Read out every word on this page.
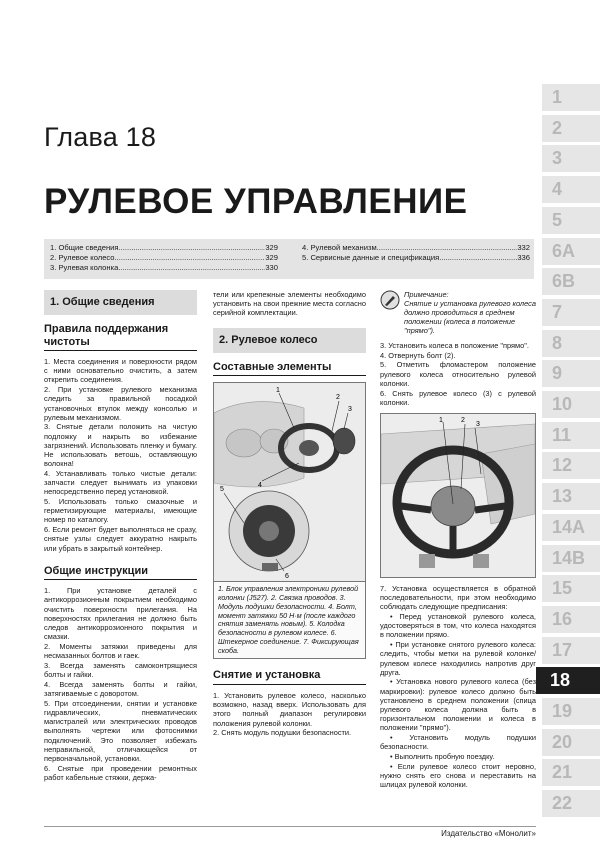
Глава 18
РУЛЕВОЕ УПРАВЛЕНИЕ
1. Общие сведения .....	329
2. Рулевое колесо .....	329
3. Рулевая колонка .....	330
4. Рулевой механизм .....	332
5. Сервисные данные и спецификация .....	336
1. Общие сведения
Правила поддержания чистоты
1. Места соединения и поверхности рядом с ними основательно очистить, а затем открепить соединения.
2. При установке рулевого механизма следить за правильной посадкой установочных втулок между консолью и рулевым механизмом.
3. Снятые детали положить на чистую подложку и накрыть во избежание загрязнений. Использовать пленку и бумагу. Не использовать ветошь, оставляющую волокна!
4. Устанавливать только чистые детали: запчасти следует вынимать из упаковки непосредственно перед установкой.
5. Использовать только смазочные и герметизирующие материалы, имеющие номер по каталогу.
6. Если ремонт будет выполняться не сразу, снятые узлы следует аккуратно накрыть или убрать в закрытый контейнер.
Общие инструкции
1. При установке деталей с антикоррозионным покрытием необходимо очистить поверхности прилегания. На поверхностях прилегания не должно быть следов антикоррозионного покрытия и смазки.
2. Моменты затяжки приведены для несмазанных болтов и гаек.
3. Всегда заменять самоконтрящиеся болты и гайки.
4. Всегда заменять болты и гайки, затягиваемые с доворотом.
5. При отсоединении, снятии и установке гидравлических, пневматических магистралей или электрических проводов выполнять чертежи или фотоснимки подключений. Это позволяет избежать неправильной, отличающейся от первоначальной, установки.
6. Снятые при проведении ремонтных работ кабельные стяжки, держа-
тели или крепежные элементы необходимо установить на свои прежние места согласно серийной комплектации.
2. Рулевое колесо
Составные элементы
1
2
3
4
5
6
1. Блок управления электроники рулевой колонки (J527). 2. Связка проводов. 3. Модуль подушки безопасности. 4. Болт, момент затяжки 50 Н·м (после каждого снятия заменять новым). 5. Колодка безопасности в рулевом колесе. 6. Штекерное соединение. 7. Фиксирующая скоба.
Снятие и установка
1. Установить рулевое колесо, насколько возможно, назад вверх. Использовать для этого полный диапазон регулировки положения рулевой колонки.
2. Снять модуль подушки безопасности.
Примечание:
Снятие и установка рулевого колеса должно проводиться в среднем положении (колеса в положение "прямо").
3. Установить колеса в положение "прямо".
4. Отвернуть болт (2).
5. Отметить фломастером положение рулевого колеса относительно рулевой колонки.
6. Снять рулевое колесо (3) с рулевой колонки.
1	2
3
7. Установка осуществляется в обратной последовательности, при этом необходимо соблюдать следующие предписания:
• Перед установкой рулевого колеса, удостоверяться в том, что колеса находятся в положении прямо.
• При установке снятого рулевого колеса: следить, чтобы метки на рулевой колонке/рулевом колесе находились напротив друг друга.
• Установка нового рулевого колеса (без маркировки): рулевое колесо должно быть установлено в среднем положении (спица рулевого колеса должна быть в горизонтальном положении и колеса в положении "прямо").
• Установить модуль подушки безопасности.
• Выполнить пробную поездку.
• Если рулевое колесо стоит неровно, нужно снять его снова и переставить на шлицах рулевой колонки.
1
2
3
4
5
6A
6B
7
8
9
10
11
12
13
14A
14B
15
16
17
18
19
20
21
22
Издательство «Монолит»
